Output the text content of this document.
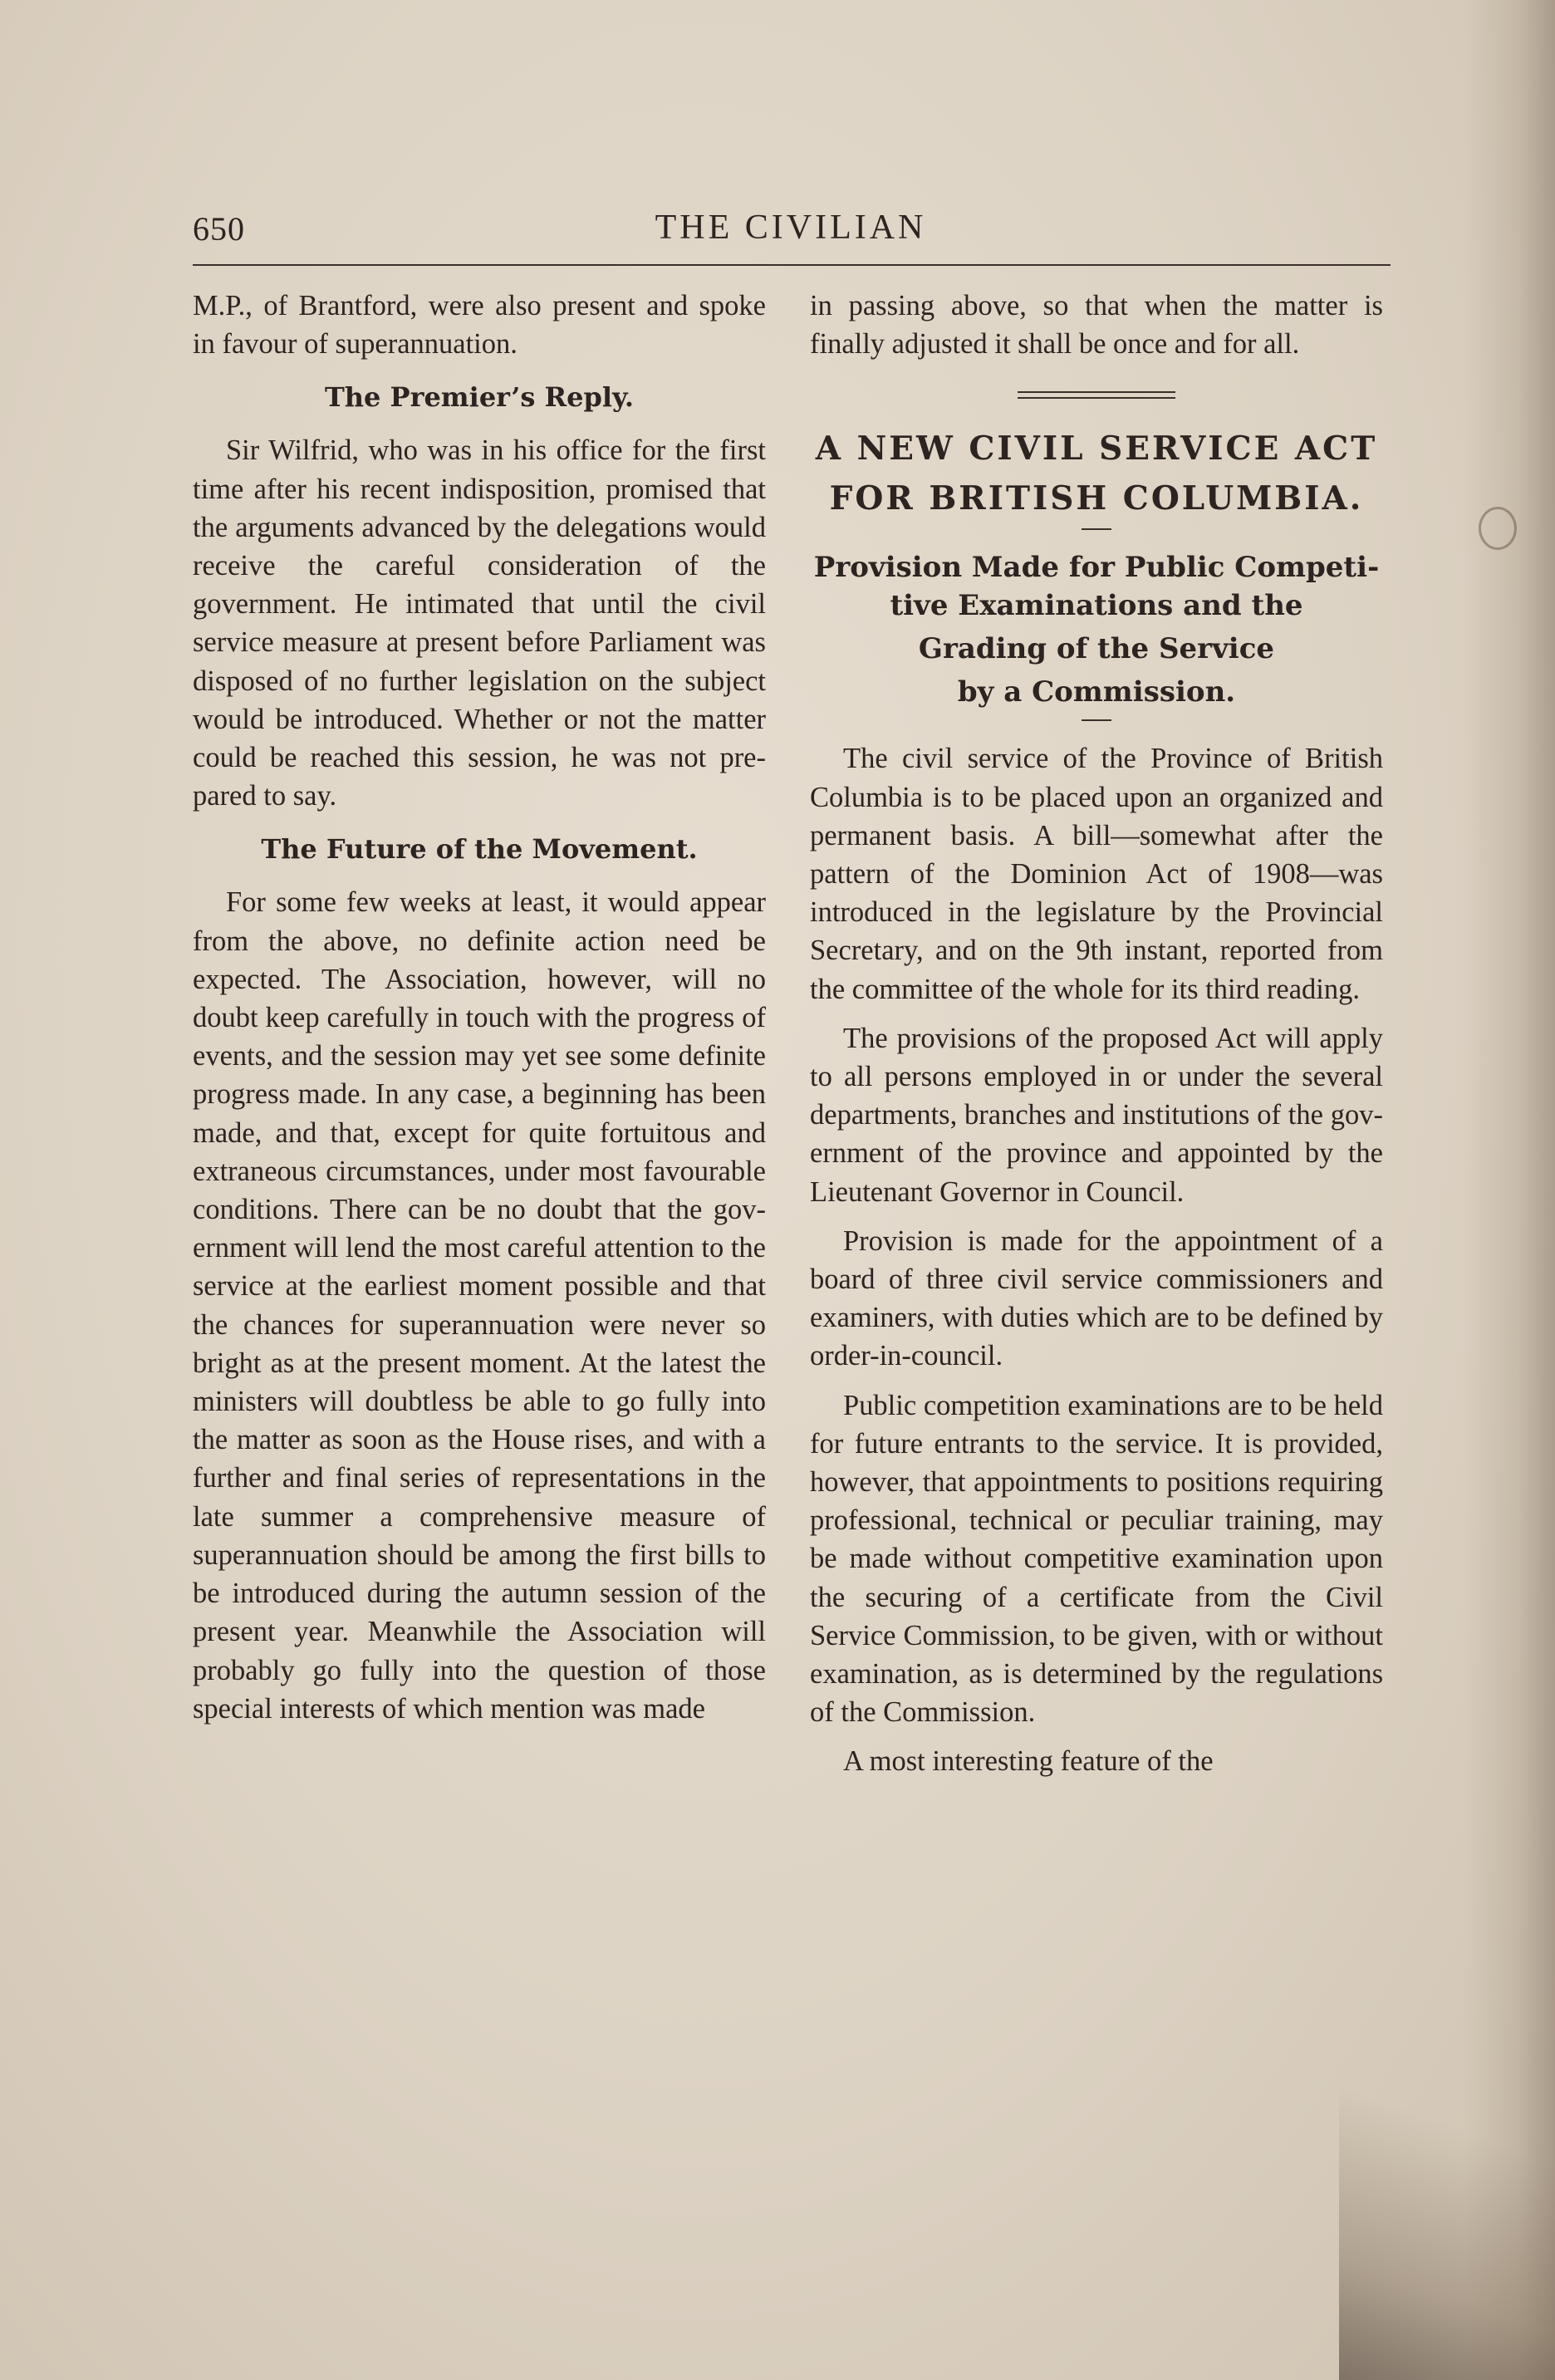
650	THE CIVILIAN

M.P., of Brantford, were also present and spoke in favour of superannuation.

The Premier’s Reply.

Sir Wilfrid, who was in his office for the first time after his recent indisposition, promised that the arguments advanced by the delegations would receive the careful consideration of the government. He intimated that until the civil service measure at present before Parliament was disposed of no further legislation on the subject would be introduced. Whether or not the matter could be reached this session, he was not prepared to say.

The Future of the Movement.

For some few weeks at least, it would appear from the above, no definite action need be expected. The Association, however, will no doubt keep carefully in touch with the progress of events, and the session may yet see some definite progress made. In any case, a beginning has been made, and that, except for quite fortuitous and extraneous circumstances, under most favourable conditions. There can be no doubt that the government will lend the most careful attention to the service at the earliest moment possible and that the chances for superannuation were never so bright as at the present moment. At the latest the ministers will doubtless be able to go fully into the matter as soon as the House rises, and with a further and final series of representations in the late summer a comprehensive measure of superannuation should be among the first bills to be introduced during the autumn session of the present year. Meanwhile the Association will probably go fully into the question of those special interests of which mention was made

in passing above, so that when the matter is finally adjusted it shall be once and for all.

A NEW CIVIL SERVICE ACT
FOR BRITISH COLUMBIA.
Provision Made for Public Competitive Examinations and the
Grading of the Service
by a Commission.

The civil service of the Province of British Columbia is to be placed upon an organized and permanent basis. A bill—somewhat after the pattern of the Dominion Act of 1908—was introduced in the legislature by the Provincial Secretary, and on the 9th instant, reported from the committee of the whole for its third reading.

The provisions of the proposed Act will apply to all persons employed in or under the several departments, branches and institutions of the government of the province and appointed by the Lieutenant Governor in Council.

Provision is made for the appointment of a board of three civil service commissioners and examiners, with duties which are to be defined by order-in-council.

Public competition examinations are to be held for future entrants to the service. It is provided, however, that appointments to positions requiring professional, technical or peculiar training, may be made without competitive examination upon the securing of a certificate from the Civil Service Commission, to be given, with or without examination, as is determined by the regulations of the Commission.

A most interesting feature of the
